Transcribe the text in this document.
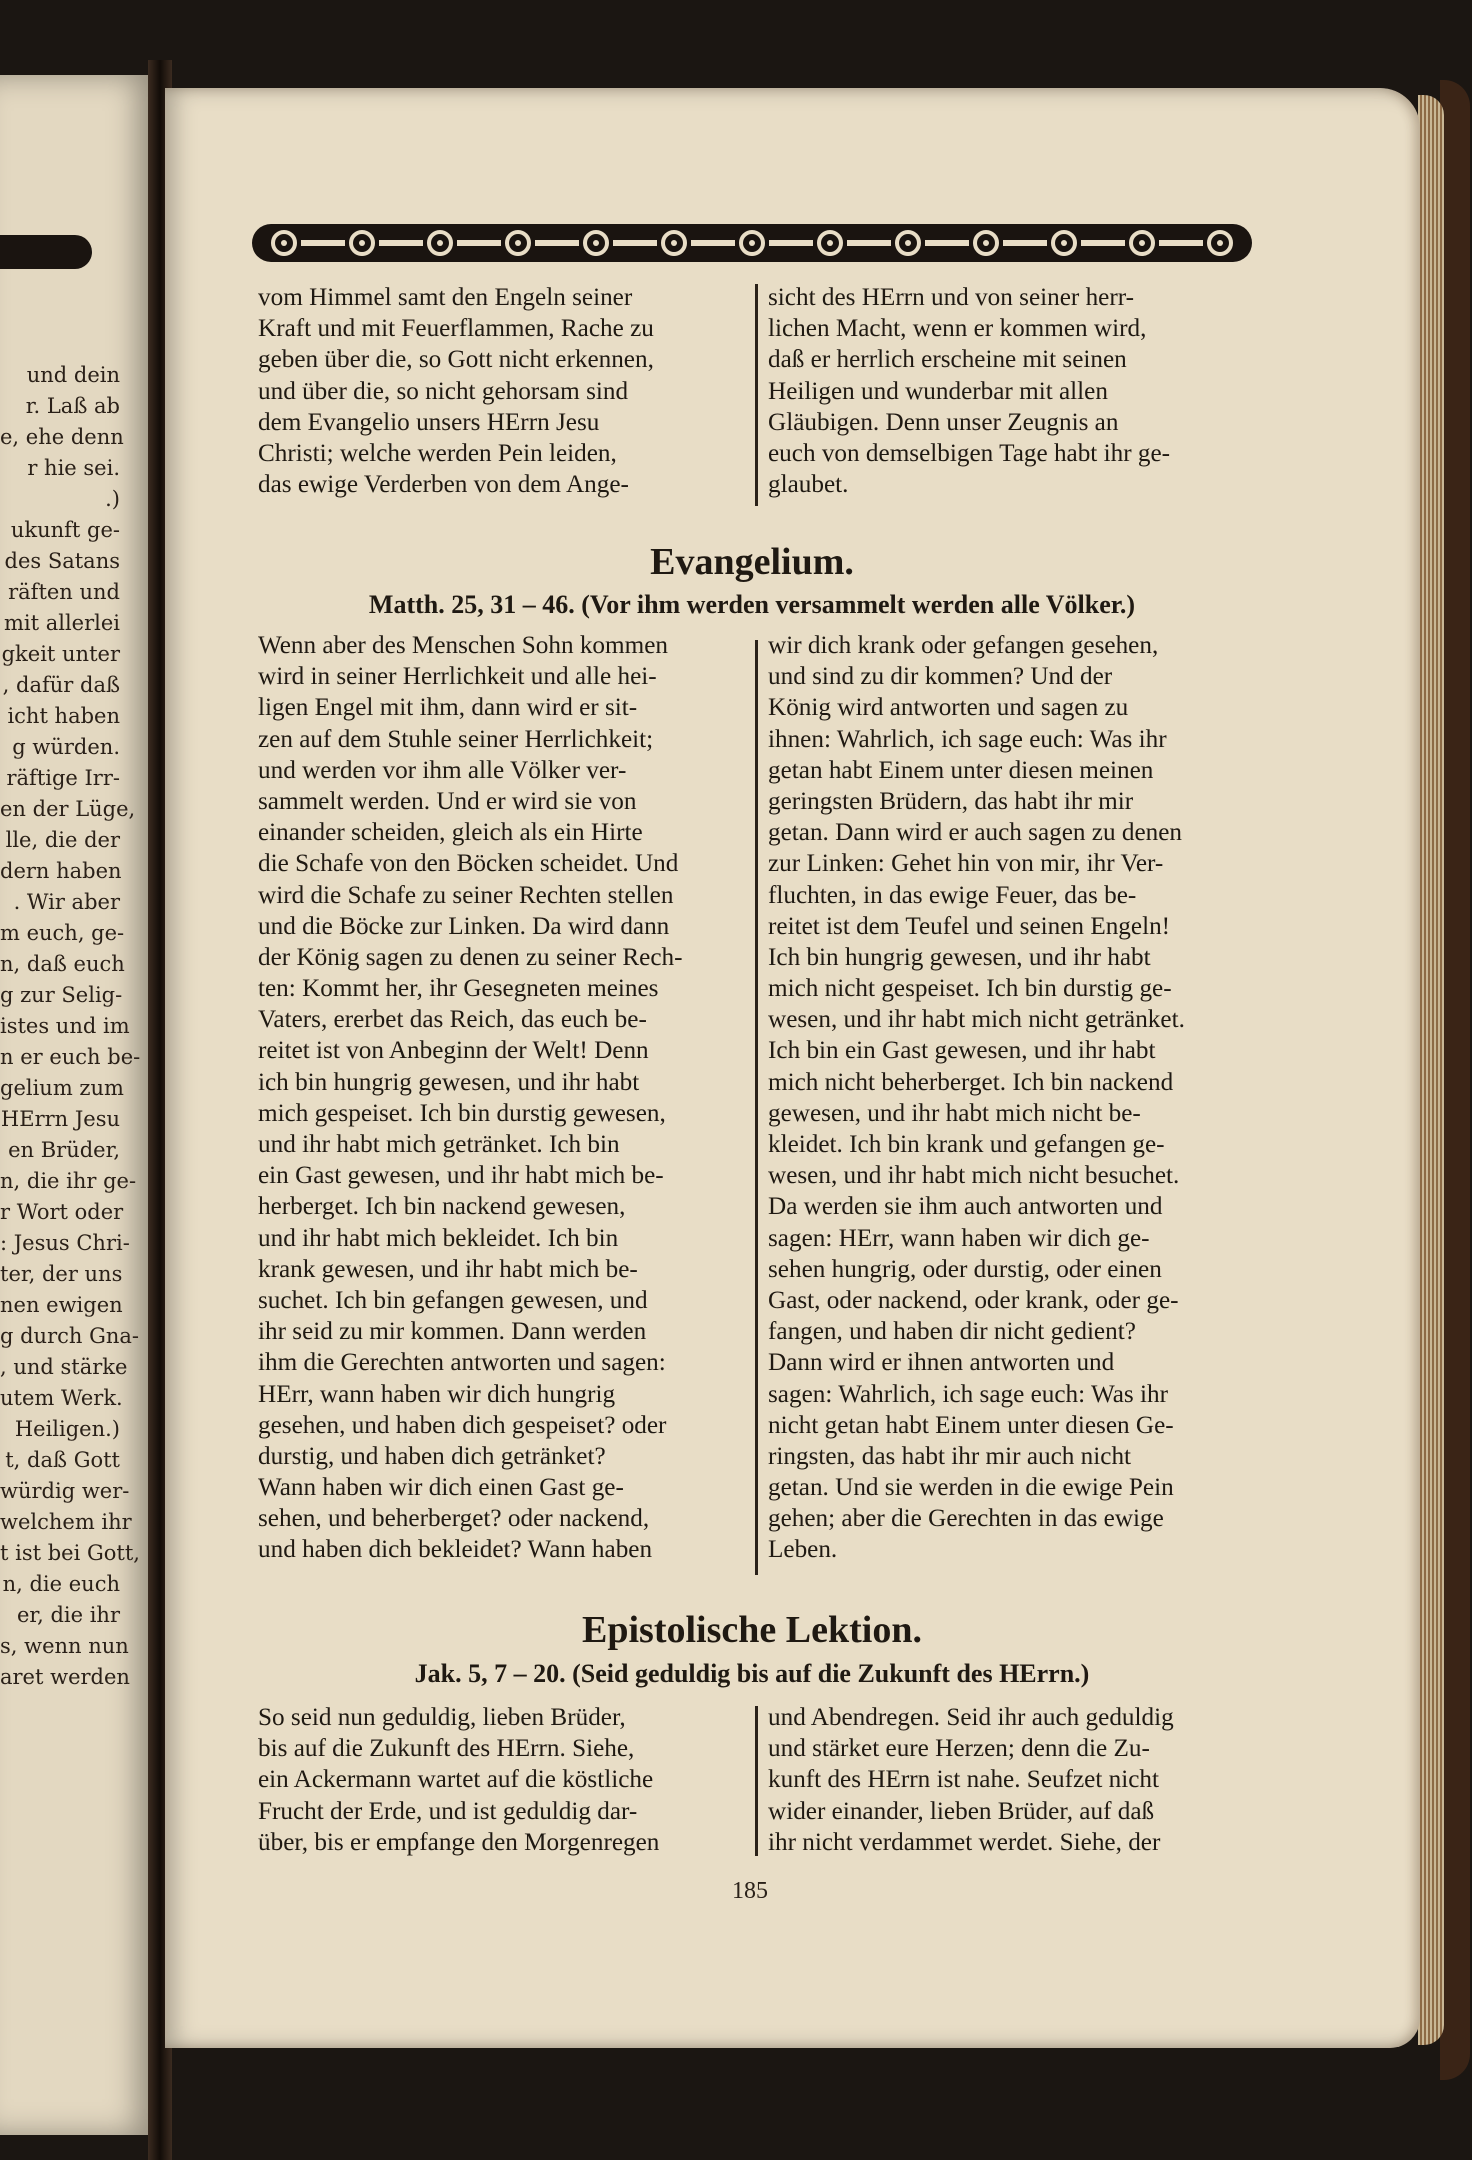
und dein
r. Laß ab
e, ehe denn
r hie sei.
.)
ukunft ge-
des Satans
räften und
mit allerlei
gkeit unter
, dafür daß
icht haben
g würden.
räftige Irr-
en der Lüge,
lle, die der
dern haben
. Wir aber
m euch, ge-
n, daß euch
g zur Selig-
istes und im
n er euch be-
gelium zum
HErrn Jesu
en Brüder,
n, die ihr ge-
r Wort oder
: Jesus Chri-
ter, der uns
nen ewigen
g durch Gna-
, und stärke
utem Werk.
Heiligen.)
t, daß Gott
würdig wer-
welchem ihr
t ist bei Gott,
n, die euch
er, die ihr
s, wenn nun
aret werden
vom Himmel samt den Engeln seiner
Kraft und mit Feuerflammen, Rache zu
geben über die, so Gott nicht erkennen,
und über die, so nicht gehorsam sind
dem Evangelio unsers HErrn Jesu
Christi; welche werden Pein leiden,
das ewige Verderben von dem Ange-
sicht des HErrn und von seiner herr-
lichen Macht, wenn er kommen wird,
daß er herrlich erscheine mit seinen
Heiligen und wunderbar mit allen
Gläubigen. Denn unser Zeugnis an
euch von demselbigen Tage habt ihr ge-
glaubet.
Evangelium.
Matth. 25, 31 – 46. (Vor ihm werden versammelt werden alle Völker.)
Wenn aber des Menschen Sohn kommen
wird in seiner Herrlichkeit und alle hei-
ligen Engel mit ihm, dann wird er sit-
zen auf dem Stuhle seiner Herrlichkeit;
und werden vor ihm alle Völker ver-
sammelt werden. Und er wird sie von
einander scheiden, gleich als ein Hirte
die Schafe von den Böcken scheidet. Und
wird die Schafe zu seiner Rechten stellen
und die Böcke zur Linken. Da wird dann
der König sagen zu denen zu seiner Rech-
ten: Kommt her, ihr Gesegneten meines
Vaters, ererbet das Reich, das euch be-
reitet ist von Anbeginn der Welt! Denn
ich bin hungrig gewesen, und ihr habt
mich gespeiset. Ich bin durstig gewesen,
und ihr habt mich getränket. Ich bin
ein Gast gewesen, und ihr habt mich be-
herberget. Ich bin nackend gewesen,
und ihr habt mich bekleidet. Ich bin
krank gewesen, und ihr habt mich be-
suchet. Ich bin gefangen gewesen, und
ihr seid zu mir kommen. Dann werden
ihm die Gerechten antworten und sagen:
HErr, wann haben wir dich hungrig
gesehen, und haben dich gespeiset? oder
durstig, und haben dich getränket?
Wann haben wir dich einen Gast ge-
sehen, und beherberget? oder nackend,
und haben dich bekleidet? Wann haben
wir dich krank oder gefangen gesehen,
und sind zu dir kommen? Und der
König wird antworten und sagen zu
ihnen: Wahrlich, ich sage euch: Was ihr
getan habt Einem unter diesen meinen
geringsten Brüdern, das habt ihr mir
getan. Dann wird er auch sagen zu denen
zur Linken: Gehet hin von mir, ihr Ver-
fluchten, in das ewige Feuer, das be-
reitet ist dem Teufel und seinen Engeln!
Ich bin hungrig gewesen, und ihr habt
mich nicht gespeiset. Ich bin durstig ge-
wesen, und ihr habt mich nicht getränket.
Ich bin ein Gast gewesen, und ihr habt
mich nicht beherberget. Ich bin nackend
gewesen, und ihr habt mich nicht be-
kleidet. Ich bin krank und gefangen ge-
wesen, und ihr habt mich nicht besuchet.
Da werden sie ihm auch antworten und
sagen: HErr, wann haben wir dich ge-
sehen hungrig, oder durstig, oder einen
Gast, oder nackend, oder krank, oder ge-
fangen, und haben dir nicht gedient?
Dann wird er ihnen antworten und
sagen: Wahrlich, ich sage euch: Was ihr
nicht getan habt Einem unter diesen Ge-
ringsten, das habt ihr mir auch nicht
getan. Und sie werden in die ewige Pein
gehen; aber die Gerechten in das ewige
Leben.
Epistolische Lektion.
Jak. 5, 7 – 20. (Seid geduldig bis auf die Zukunft des HErrn.)
So seid nun geduldig, lieben Brüder,
bis auf die Zukunft des HErrn. Siehe,
ein Ackermann wartet auf die köstliche
Frucht der Erde, und ist geduldig dar-
über, bis er empfange den Morgenregen
und Abendregen. Seid ihr auch geduldig
und stärket eure Herzen; denn die Zu-
kunft des HErrn ist nahe. Seufzet nicht
wider einander, lieben Brüder, auf daß
ihr nicht verdammet werdet. Siehe, der
185
